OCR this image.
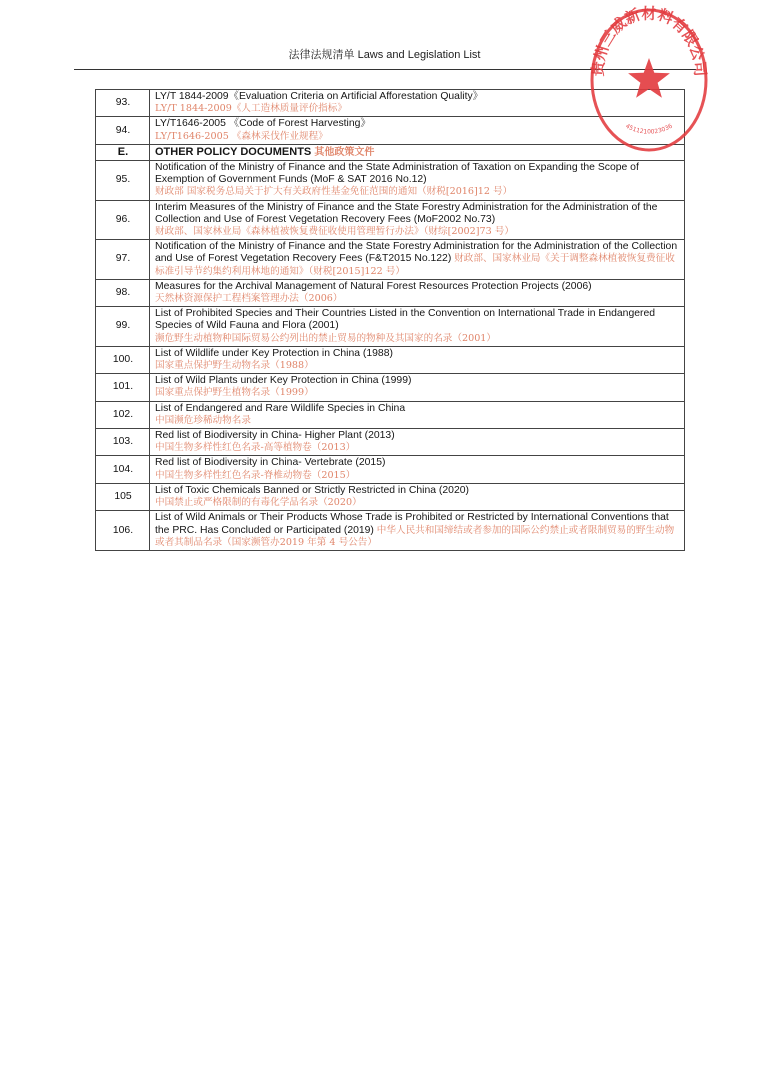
法律法规清单 Laws and Legislation List
93.	LY/T 1844-2009《Evaluation Criteria on Artificial Afforestation Quality》
LY/T 1844-2009《人工造林质量评价指标》
94.	LY/T1646-2005 《Code of Forest Harvesting》
LY/T1646-2005 《森林采伐作业规程》
E.	OTHER POLICY DOCUMENTS 其他政策文件
95.	Notification of the Ministry of Finance and the State Administration of Taxation on Expanding the Scope of Exemption of Government Funds (MoF & SAT 2016 No.12)
财政部 国家税务总局关于扩大有关政府性基金免征范围的通知（财税[2016]12 号）
96.	Interim Measures of the Ministry of Finance and the State Forestry Administration for the Administration of the Collection and Use of Forest Vegetation Recovery Fees (MoF2002 No.73)
财政部、国家林业局《森林植被恢复费征收使用管理暂行办法》（财综[2002]73 号）
97.	Notification of the Ministry of Finance and the State Forestry Administration for the Administration of the Collection and Use of Forest Vegetation Recovery Fees (F&T2015 No.122) 财政部、国家林业局《关于调整森林植被恢复费征收标准引导节约集约利用林地的通知》（财税[2015]122 号）
98.	Measures for the Archival Management of Natural Forest Resources Protection Projects (2006)
天然林资源保护工程档案管理办法（2006）
99.	List of Prohibited Species and Their Countries Listed in the Convention on International Trade in Endangered Species of Wild Fauna and Flora (2001) 濒危野生动植物种国际贸易公约列出的禁止贸易的物种及其国家的名录（2001）
100.	List of Wildlife under Key Protection in China (1988)
国家重点保护野生动物名录（1988）
101.	List of Wild Plants under Key Protection in China (1999)
国家重点保护野生植物名录（1999）
102.	List of Endangered and Rare Wildlife Species in China
中国濒危珍稀动物名录
103.	Red list of Biodiversity in China- Higher Plant (2013)
中国生物多样性红色名录-高等植物卷（2013）
104.	Red list of Biodiversity in China- Vertebrate (2015)
中国生物多样性红色名录-脊椎动物卷（2015）
105	List of Toxic Chemicals Banned or Strictly Restricted in China (2020)
中国禁止或严格限制的有毒化学品名录（2020）
106.	List of Wild Animals or Their Products Whose Trade is Prohibited or Restricted by International Conventions that the PRC. Has Concluded or Participated (2019) 中华人民共和国缔结或者参加的国际公约禁止或者限制贸易的野生动物或者其制品名录（国家濒管办2019 年第 4 号公告）
贵州三威新材料有限公司
4511210023036
